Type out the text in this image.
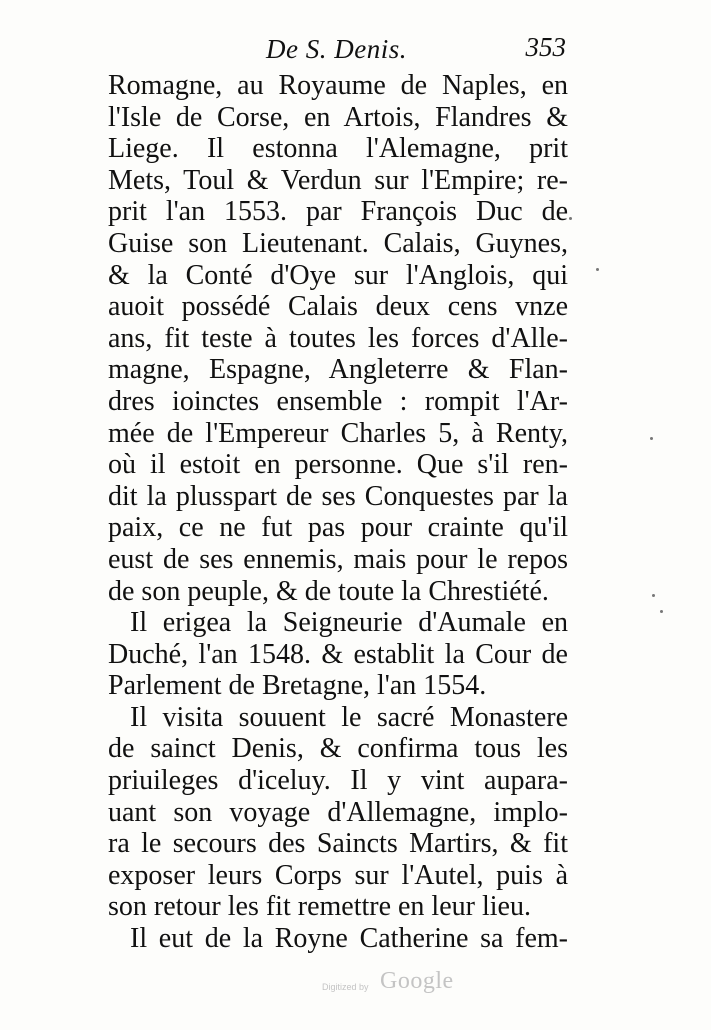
De S. Denis.	353
Romagne, au Royaume de Naples, en
l'Isle de Corse, en Artois, Flandres &
Liege. Il estonna l'Alemagne, prit
Mets, Toul & Verdun sur l'Empire; re-
prit l'an 1553. par François Duc de
Guise son Lieutenant. Calais, Guynes,
& la Conté d'Oye sur l'Anglois, qui
auoit possédé Calais deux cens vnze
ans, fit teste à toutes les forces d'Alle-
magne, Espagne, Angleterre & Flan-
dres ioinctes ensemble : rompit l'Ar-
mée de l'Empereur Charles 5, à Renty,
où il estoit en personne. Que s'il ren-
dit la plusspart de ses Conquestes par la
paix, ce ne fut pas pour crainte qu'il
eust de ses ennemis, mais pour le repos
de son peuple, & de toute la Chrestiété.
Il erigea la Seigneurie d'Aumale en
Duché, l'an 1548. & establit la Cour de
Parlement de Bretagne, l'an 1554.
Il visita souuent le sacré Monastere
de sainct Denis, & confirma tous les
priuileges d'iceluy. Il y vint aupara-
uant son voyage d'Allemagne, implo-
ra le secours des Saincts Martirs, & fit
exposer leurs Corps sur l'Autel, puis à
son retour les fit remettre en leur lieu.
Il eut de la Royne Catherine sa fem-
Digitized by Google
